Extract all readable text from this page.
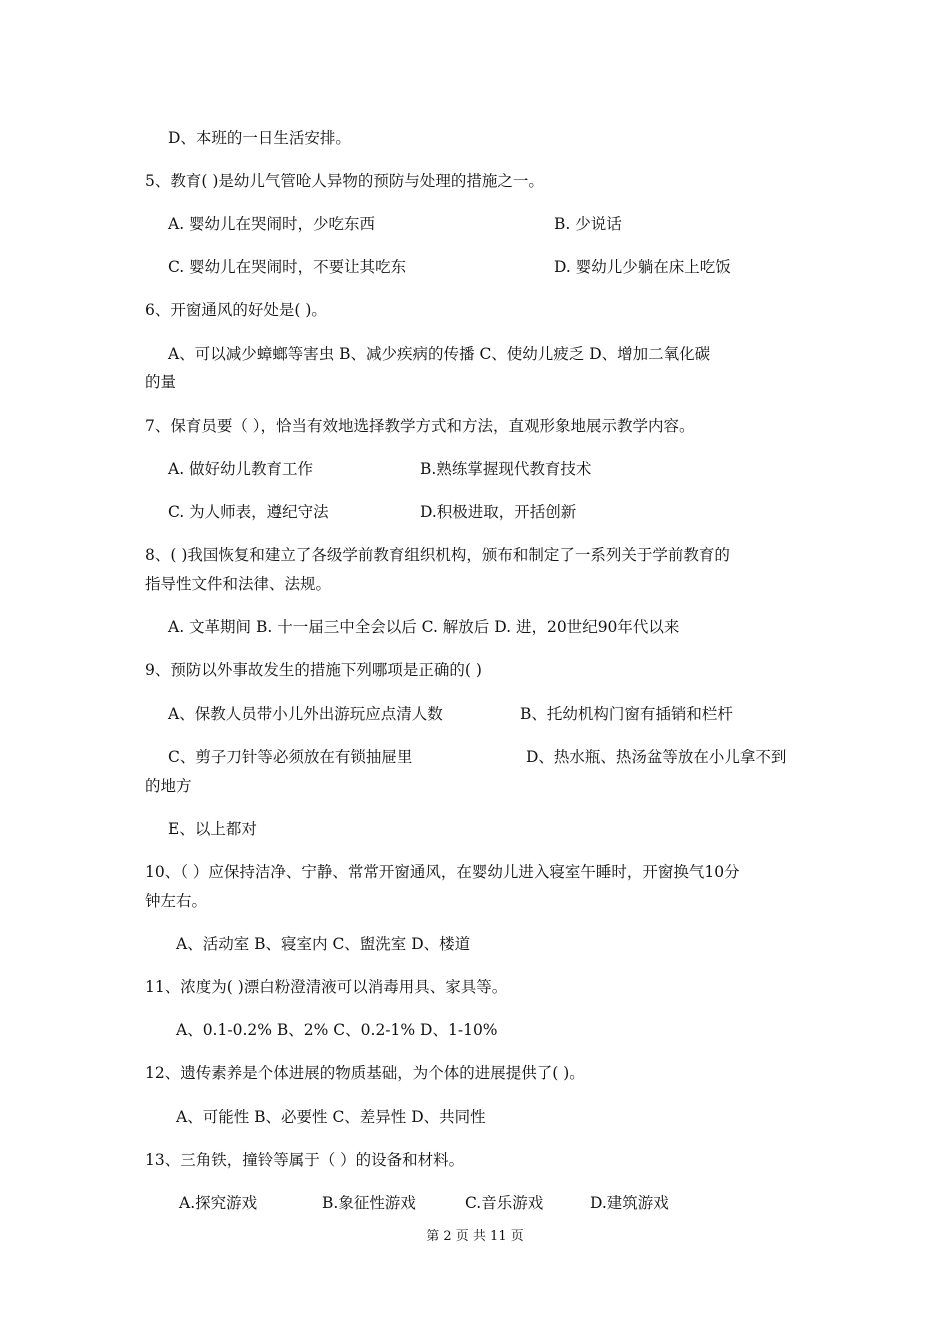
D、本班的一日生活安排。
5、教育( )是幼儿气管呛人异物的预防与处理的措施之一。
A. 婴幼儿在哭闹时，少吃东西	B. 少说话
C. 婴幼儿在哭闹时，不要让其吃东	D. 婴幼儿少躺在床上吃饭
6、开窗通风的好处是( )。
A、可以减少蟑螂等害虫 B、减少疾病的传播 C、使幼儿疲乏 D、增加二氧化碳
的量
7、保育员要（ ），恰当有效地选择教学方式和方法，直观形象地展示教学内容。
A. 做好幼儿教育工作	B.熟练掌握现代教育技术
C. 为人师表，遵纪守法	D.积极进取，开括创新
8、( )我国恢复和建立了各级学前教育组织机构，颁布和制定了一系列关于学前教育的
指导性文件和法律、法规。
A. 文革期间 B. 十一届三中全会以后 C. 解放后 D. 进，20世纪90年代以来
9、预防以外事故发生的措施下列哪项是正确的( )
A、保教人员带小儿外出游玩应点清人数	B、托幼机构门窗有插销和栏杆
C、剪子刀针等必须放在有锁抽屉里	D、热水瓶、热汤盆等放在小儿拿不到
的地方
E、以上都对
10、（ ）应保持洁净、宁静、常常开窗通风，在婴幼儿进入寝室午睡时，开窗换气10分
钟左右。
A、活动室 B、寝室内 C、盥洗室 D、楼道
11、浓度为( )漂白粉澄清液可以消毒用具、家具等。
A、0.1-0.2% B、2% C、0.2-1% D、1-10%
12、遗传素养是个体进展的物质基础，为个体的进展提供了( )。
A、可能性 B、必要性 C、差异性 D、共同性
13、三角铁，撞铃等属于（ ）的设备和材料。
A.探究游戏	B.象征性游戏	C.音乐游戏	D.建筑游戏
第 2 页 共 11 页
